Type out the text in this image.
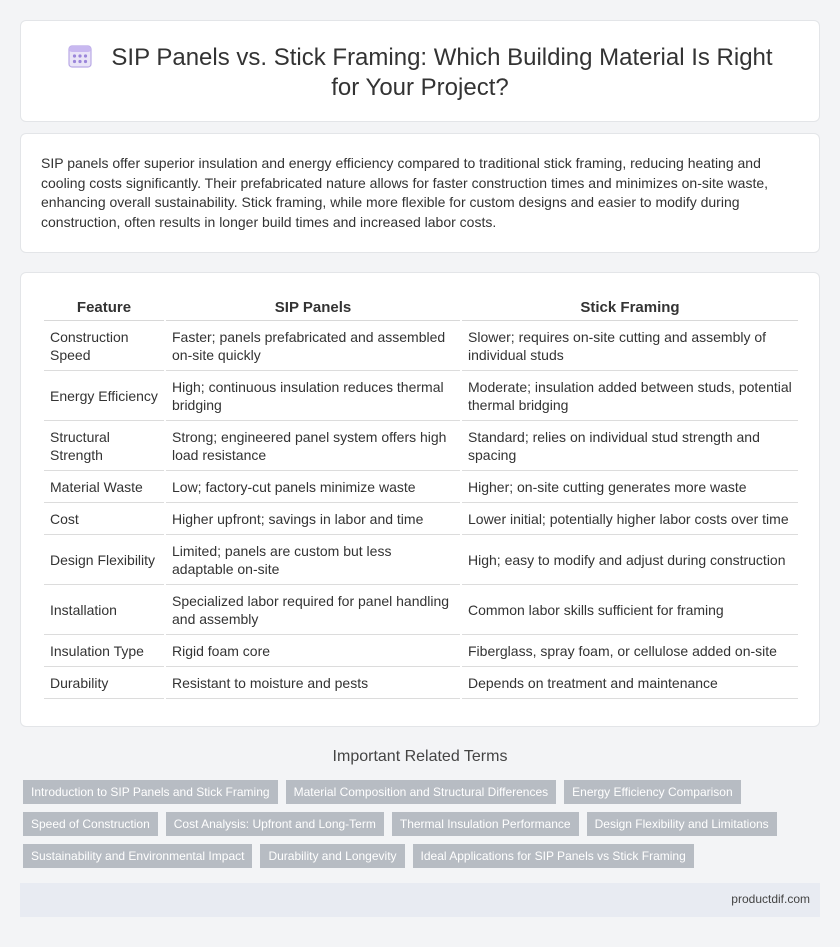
SIP Panels vs. Stick Framing: Which Building Material Is Right for Your Project?

SIP panels offer superior insulation and energy efficiency compared to traditional stick framing, reducing heating and cooling costs significantly. Their prefabricated nature allows for faster construction times and minimizes on-site waste, enhancing overall sustainability. Stick framing, while more flexible for custom designs and easier to modify during construction, often results in longer build times and increased labor costs.

Feature	SIP Panels	Stick Framing
Construction Speed	Faster; panels prefabricated and assembled on-site quickly	Slower; requires on-site cutting and assembly of individual studs
Energy Efficiency	High; continuous insulation reduces thermal bridging	Moderate; insulation added between studs, potential thermal bridging
Structural Strength	Strong; engineered panel system offers high load resistance	Standard; relies on individual stud strength and spacing
Material Waste	Low; factory-cut panels minimize waste	Higher; on-site cutting generates more waste
Cost	Higher upfront; savings in labor and time	Lower initial; potentially higher labor costs over time
Design Flexibility	Limited; panels are custom but less adaptable on-site	High; easy to modify and adjust during construction
Installation	Specialized labor required for panel handling and assembly	Common labor skills sufficient for framing
Insulation Type	Rigid foam core	Fiberglass, spray foam, or cellulose added on-site
Durability	Resistant to moisture and pests	Depends on treatment and maintenance
Important Related Terms
Introduction to SIP Panels and Stick Framing	Material Composition and Structural Differences	Energy Efficiency Comparison
Speed of Construction	Cost Analysis: Upfront and Long-Term	Thermal Insulation Performance	Design Flexibility and Limitations
Sustainability and Environmental Impact	Durability and Longevity	Ideal Applications for SIP Panels vs Stick Framing
productdif.com
